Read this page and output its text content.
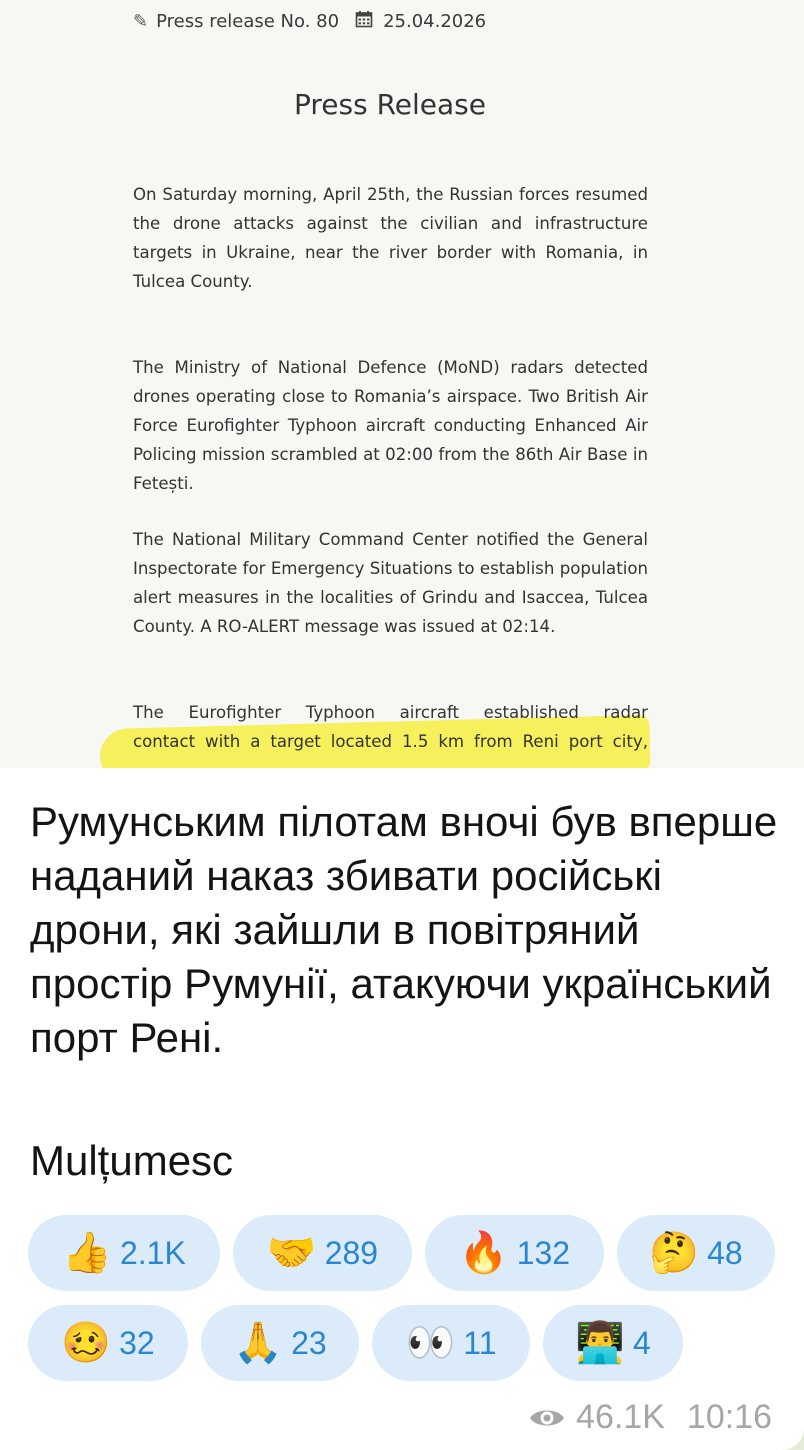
✎ Press release No. 80 25.04.2026
Press Release

On Saturday morning, April 25th, the Russian forces resumed the drone attacks against the civilian and infrastructure targets in Ukraine, near the river border with Romania, in Tulcea County.

The Ministry of National Defence (MoND) radars detected drones operating close to Romania’s airspace. Two British Air Force Eurofighter Typhoon aircraft conducting Enhanced Air Policing mission scrambled at 02:00 from the 86th Air Base in Fetești.

The National Military Command Center notified the General Inspectorate for Emergency Situations to establish population alert measures in the localities of Grindu and Isaccea, Tulcea County. A RO-ALERT message was issued at 02:14.

The Eurofighter Typhoon aircraft established radar

contact with a target located 1.5 km from Reni port city,

Румунським пілотам вночі був вперше наданий наказ збивати російські дрони, які зайшли в повітряний простір Румунії, атакуючи український порт Рені.

Mulțumesc

👍 2.1K 🤝 289 🔥 132 🤔 48
🥴 32 🙏 23 👀 11 👨‍💻 4
46.1K 10:16
